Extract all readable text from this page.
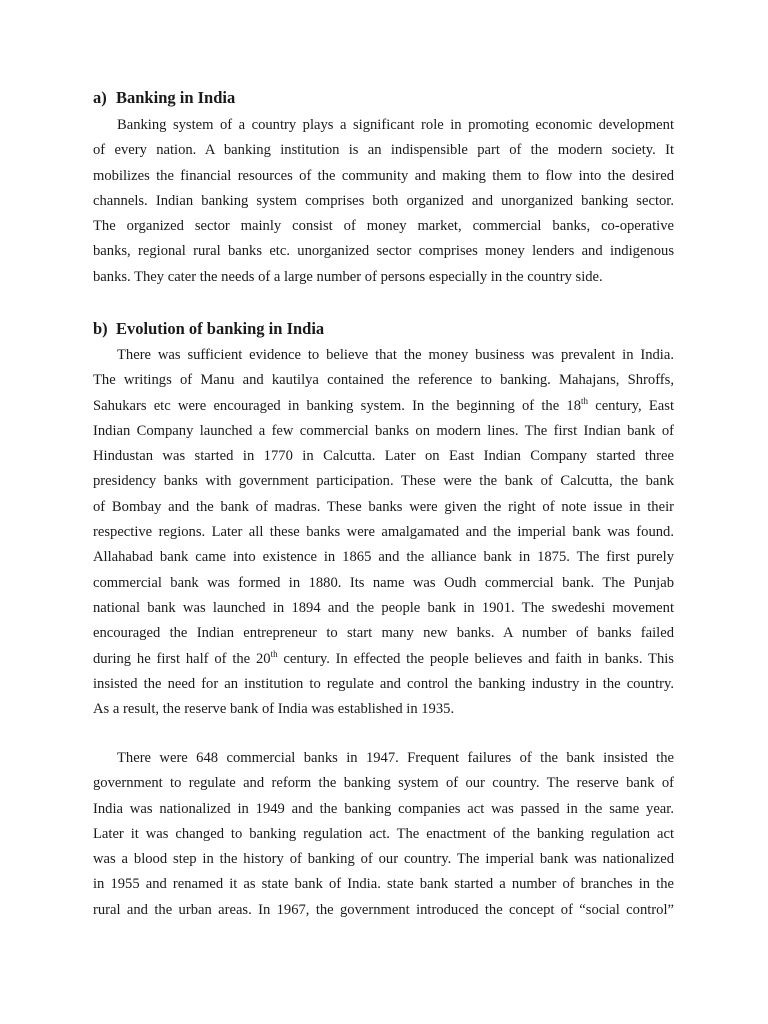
a) Banking in India
Banking system of a country plays a significant role in promoting economic development
of every nation. A banking institution is an indispensible part of the modern society. It
mobilizes the financial resources of the community and making them to flow into the desired
channels. Indian banking system comprises both organized and unorganized banking sector.
The organized sector mainly consist of money market, commercial banks, co-operative
banks, regional rural banks etc. unorganized sector comprises money lenders and indigenous
banks. They cater the needs of a large number of persons especially in the country side.
b) Evolution of banking in India
There was sufficient evidence to believe that the money business was prevalent in India.
The writings of Manu and kautilya contained the reference to banking. Mahajans, Shroffs,
Sahukars etc were encouraged in banking system. In the beginning of the 18th century, East
Indian Company launched a few commercial banks on modern lines. The first Indian bank of
Hindustan was started in 1770 in Calcutta. Later on East Indian Company started three
presidency banks with government participation. These were the bank of Calcutta, the bank
of Bombay and the bank of madras. These banks were given the right of note issue in their
respective regions. Later all these banks were amalgamated and the imperial bank was found.
Allahabad bank came into existence in 1865 and the alliance bank in 1875. The first purely
commercial bank was formed in 1880. Its name was Oudh commercial bank. The Punjab
national bank was launched in 1894 and the people bank in 1901. The swedeshi movement
encouraged the Indian entrepreneur to start many new banks. A number of banks failed
during he first half of the 20th century. In effected the people believes and faith in banks. This
insisted the need for an institution to regulate and control the banking industry in the country.
As a result, the reserve bank of India was established in 1935.
There were 648 commercial banks in 1947. Frequent failures of the bank insisted the
government to regulate and reform the banking system of our country. The reserve bank of
India was nationalized in 1949 and the banking companies act was passed in the same year.
Later it was changed to banking regulation act. The enactment of the banking regulation act
was a blood step in the history of banking of our country. The imperial bank was nationalized
in 1955 and renamed it as state bank of India. state bank started a number of branches in the
rural and the urban areas. In 1967, the government introduced the concept of “social control”
